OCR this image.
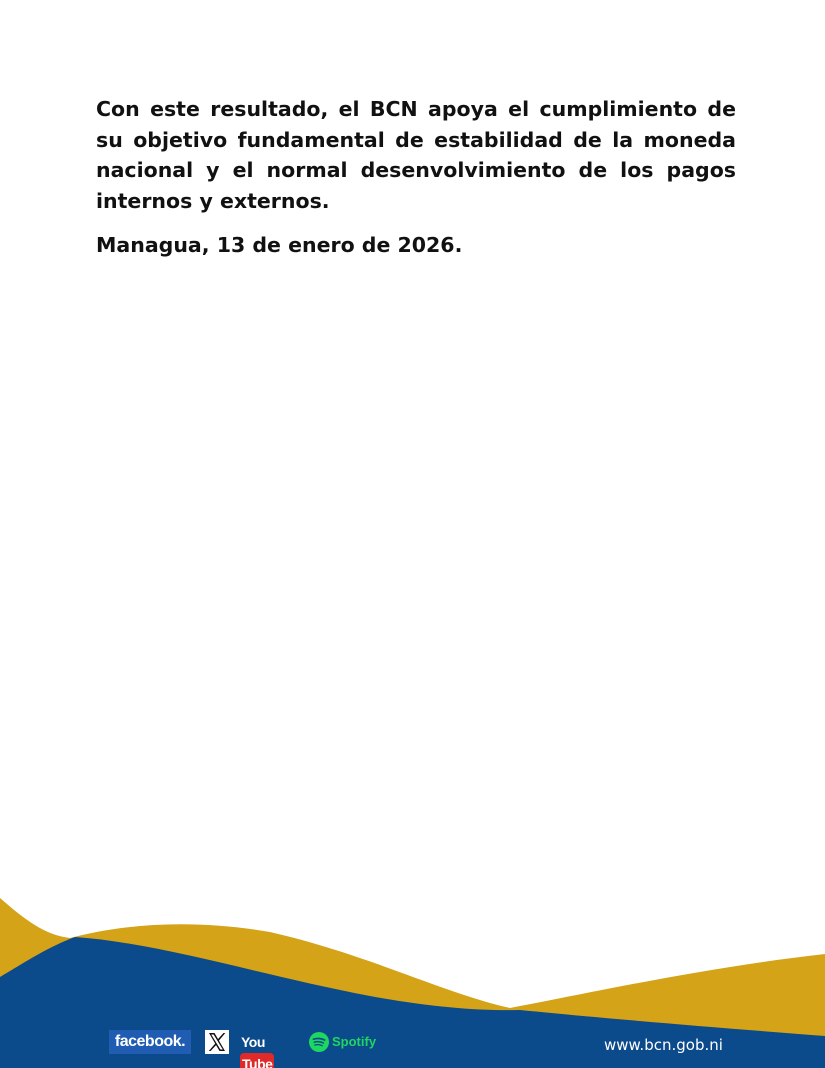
Con este resultado, el BCN apoya el cumplimiento de su objetivo fundamental de estabilidad de la moneda nacional y el normal desenvolvimiento de los pagos internos y externos.

Managua, 13 de enero de 2026.

facebook.	YouTube
Spotify	www.bcn.gob.ni
